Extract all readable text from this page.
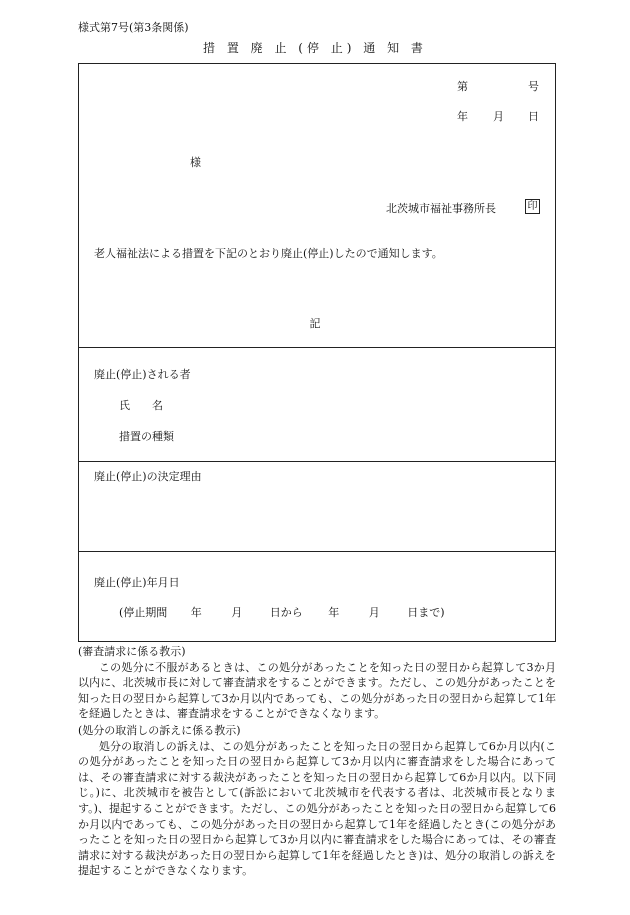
様式第7号(第3条関係)
措 置 廃 止 (停 止) 通 知 書
第	号
年 月 日
様
北茨城市福祉事務所長	印
老人福祉法による措置を下記のとおり廃止(停止)したので通知します。
記
廃止(停止)される者
氏　　名
措置の種類
廃止(停止)の決定理由
廃止(停止)年月日
(停止期間 年	月	日から 年	月	日まで)
(審査請求に係る教示)
この処分に不服があるときは、この処分があったことを知った日の翌日から起算して3か月以内に、北茨城市長に対して審査請求をすることができます。ただし、この処分があったことを知った日の翌日から起算して3か月以内であっても、この処分があった日の翌日から起算して1年を経過したときは、審査請求をすることができなくなります。
(処分の取消しの訴えに係る教示)
処分の取消しの訴えは、この処分があったことを知った日の翌日から起算して6か月以内(この処分があったことを知った日の翌日から起算して3か月以内に審査請求をした場合にあっては、その審査請求に対する裁決があったことを知った日の翌日から起算して6か月以内。以下同じ。)に、北茨城市を被告として(訴訟において北茨城市を代表する者は、北茨城市長となります。)、提起することができます。ただし、この処分があったことを知った日の翌日から起算して6か月以内であっても、この処分があった日の翌日から起算して1年を経過したとき(この処分があったことを知った日の翌日から起算して3か月以内に審査請求をした場合にあっては、その審査請求に対する裁決があった日の翌日から起算して1年を経過したとき)は、処分の取消しの訴えを提起することができなくなります。
